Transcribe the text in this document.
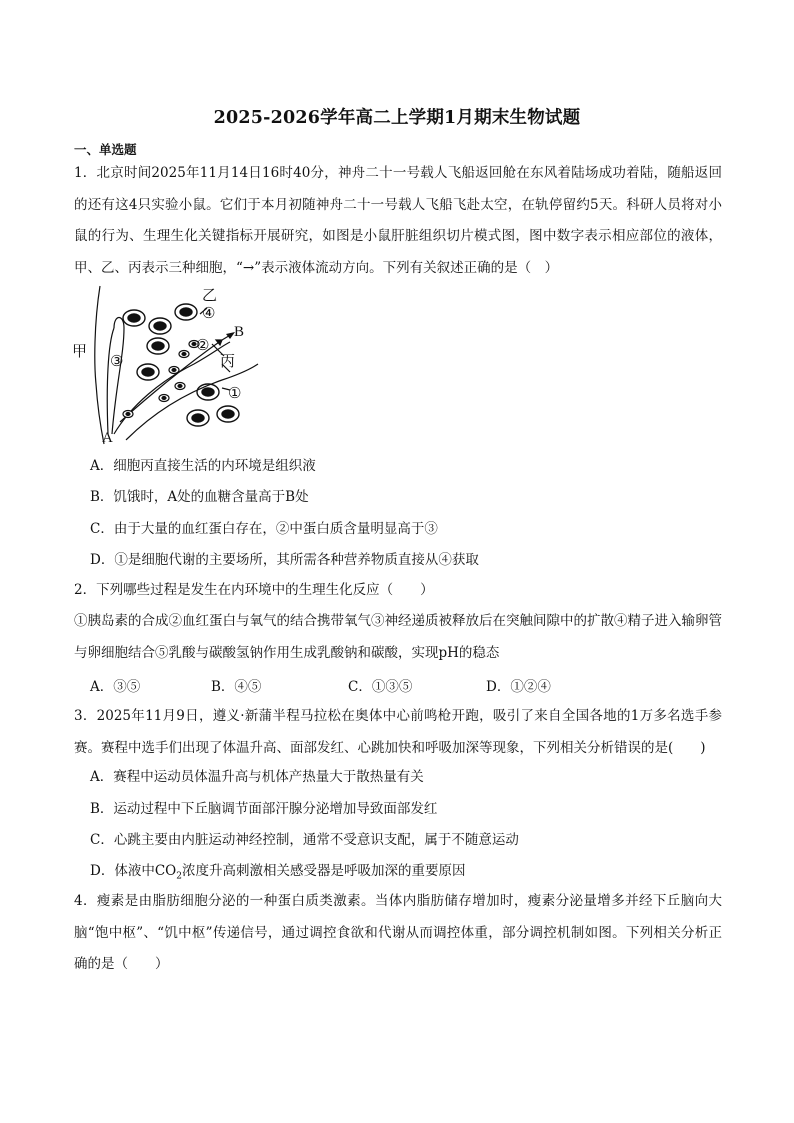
2025-2026学年高二上学期1月期末生物试题
一、单选题
1．北京时间2025年11月14日16时40分，神舟二十一号载人飞船返回舱在东风着陆场成功着陆，随船返回的还有这4只实验小鼠。它们于本月初随神舟二十一号载人飞船飞赴太空，在轨停留约5天。科研人员将对小鼠的行为、生理生化关键指标开展研究，如图是小鼠肝脏组织切片模式图，图中数字表示相应部位的液体，甲、乙、丙表示三种细胞，“→”表示液体流动方向。下列有关叙述正确的是（　）
甲
乙
丙
A
B
①
②
③
④
A．细胞丙直接生活的内环境是组织液
B．饥饿时，A处的血糖含量高于B处
C．由于大量的血红蛋白存在，②中蛋白质含量明显高于③
D．①是细胞代谢的主要场所，其所需各种营养物质直接从④获取
2．下列哪些过程是发生在内环境中的生理生化反应（　　）
①胰岛素的合成②血红蛋白与氧气的结合携带氧气③神经递质被释放后在突触间隙中的扩散④精子进入输卵管与卵细胞结合⑤乳酸与碳酸氢钠作用生成乳酸钠和碳酸，实现pH的稳态
A．③⑤	B．④⑤	C．①③⑤	D．①②④
3．2025年11月9日，遵义·新蒲半程马拉松在奥体中心前鸣枪开跑，吸引了来自全国各地的1万多名选手参赛。赛程中选手们出现了体温升高、面部发红、心跳加快和呼吸加深等现象，下列相关分析错误的是(　　)
A．赛程中运动员体温升高与机体产热量大于散热量有关
B．运动过程中下丘脑调节面部汗腺分泌增加导致面部发红
C．心跳主要由内脏运动神经控制，通常不受意识支配，属于不随意运动
D．体液中$CO_2$浓度升高刺激相关感受器是呼吸加深的重要原因
4．瘦素是由脂肪细胞分泌的一种蛋白质类激素。当体内脂肪储存增加时，瘦素分泌量增多并经下丘脑向大脑“饱中枢”、“饥中枢”传递信号，通过调控食欲和代谢从而调控体重，部分调控机制如图。下列相关分析正确的是（　　）
